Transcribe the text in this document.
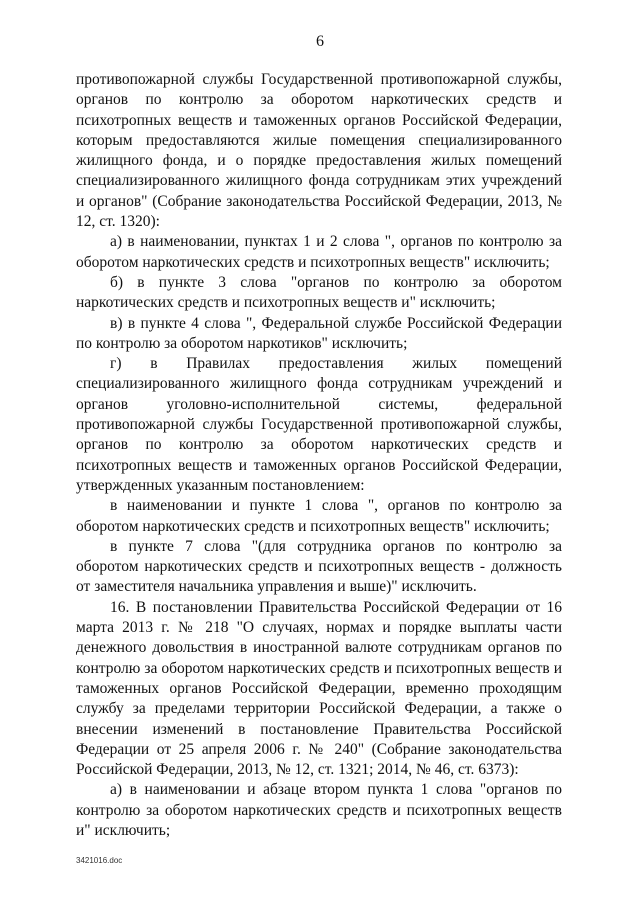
6

противопожарной службы Государственной противопожарной службы, органов по контролю за оборотом наркотических средств и психотропных веществ и таможенных органов Российской Федерации, которым предоставляются жилые помещения специализированного жилищного фонда, и о порядке предоставления жилых помещений специализированного жилищного фонда сотрудникам этих учреждений и органов" (Собрание законодательства Российской Федерации, 2013, № 12, ст. 1320):

а) в наименовании, пунктах 1 и 2 слова ", органов по контролю за оборотом наркотических средств и психотропных веществ" исключить;

б) в пункте 3 слова "органов по контролю за оборотом наркотических средств и психотропных веществ и" исключить;

в) в пункте 4 слова ", Федеральной службе Российской Федерации по контролю за оборотом наркотиков" исключить;

г) в Правилах предоставления жилых помещений специализированного жилищного фонда сотрудникам учреждений и органов уголовно-исполнительной системы, федеральной противопожарной службы Государственной противопожарной службы, органов по контролю за оборотом наркотических средств и психотропных веществ и таможенных органов Российской Федерации, утвержденных указанным постановлением:

в наименовании и пункте 1 слова ", органов по контролю за оборотом наркотических средств и психотропных веществ" исключить;

в пункте 7 слова "(для сотрудника органов по контролю за оборотом наркотических средств и психотропных веществ - должность от заместителя начальника управления и выше)" исключить.

16. В постановлении Правительства Российской Федерации от 16 марта 2013 г. № 218 "О случаях, нормах и порядке выплаты части денежного довольствия в иностранной валюте сотрудникам органов по контролю за оборотом наркотических средств и психотропных веществ и таможенных органов Российской Федерации, временно проходящим службу за пределами территории Российской Федерации, а также о внесении изменений в постановление Правительства Российской Федерации от 25 апреля 2006 г. № 240" (Собрание законодательства Российской Федерации, 2013, № 12, ст. 1321; 2014, № 46, ст. 6373):

а) в наименовании и абзаце втором пункта 1 слова "органов по контролю за оборотом наркотических средств и психотропных веществ и" исключить;

3421016.doc
